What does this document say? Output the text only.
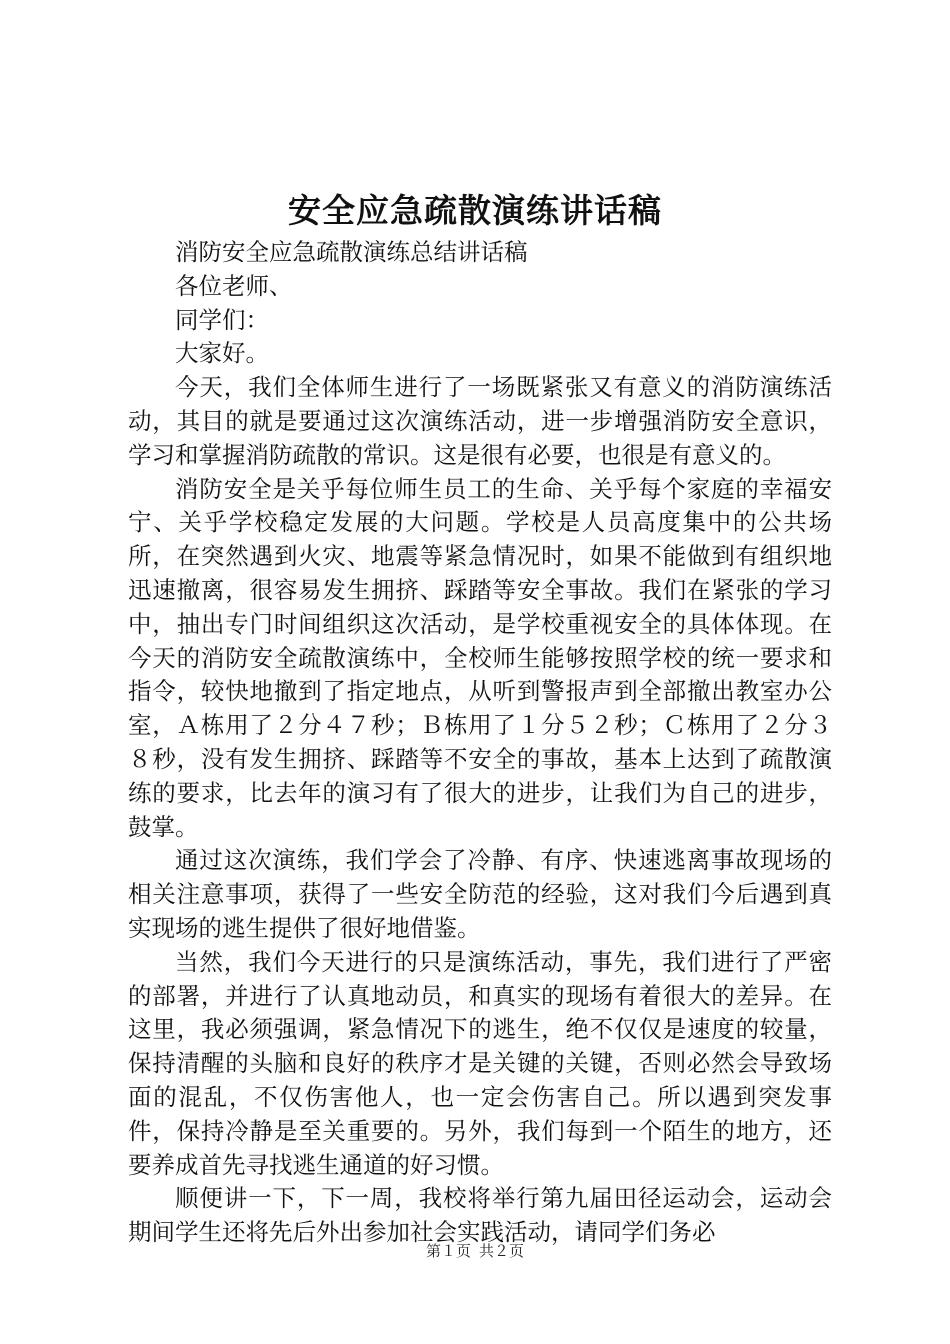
安全应急疏散演练讲话稿

消防安全应急疏散演练总结讲话稿

各位老师、

同学们：

大家好。

今天，我们全体师生进行了一场既紧张又有意义的消防演练活动，其目的就是要通过这次演练活动，进一步增强消防安全意识，学习和掌握消防疏散的常识。这是很有必要，也很是有意义的。

消防安全是关乎每位师生员工的生命、关乎每个家庭的幸福安宁、关乎学校稳定发展的大问题。学校是人员高度集中的公共场所，在突然遇到火灾、地震等紧急情况时，如果不能做到有组织地迅速撤离，很容易发生拥挤、踩踏等安全事故。我们在紧张的学习中，抽出专门时间组织这次活动，是学校重视安全的具体体现。在今天的消防安全疏散演练中，全校师生能够按照学校的统一要求和指令，较快地撤到了指定地点，从听到警报声到全部撤出教室办公室，Ａ栋用了２分４７秒；Ｂ栋用了１分５２秒；Ｃ栋用了２分３８秒，没有发生拥挤、踩踏等不安全的事故，基本上达到了疏散演练的要求，比去年的演习有了很大的进步，让我们为自己的进步，鼓掌。

通过这次演练，我们学会了冷静、有序、快速逃离事故现场的相关注意事项，获得了一些安全防范的经验，这对我们今后遇到真实现场的逃生提供了很好地借鉴。

当然，我们今天进行的只是演练活动，事先，我们进行了严密的部署，并进行了认真地动员，和真实的现场有着很大的差异。在这里，我必须强调，紧急情况下的逃生，绝不仅仅是速度的较量，保持清醒的头脑和良好的秩序才是关键的关键，否则必然会导致场面的混乱，不仅伤害他人，也一定会伤害自己。所以遇到突发事件，保持冷静是至关重要的。另外，我们每到一个陌生的地方，还要养成首先寻找逃生通道的好习惯。

顺便讲一下，下一周，我校将举行第九届田径运动会，运动会期间学生还将先后外出参加社会实践活动，请同学们务必

第１页 共２页
